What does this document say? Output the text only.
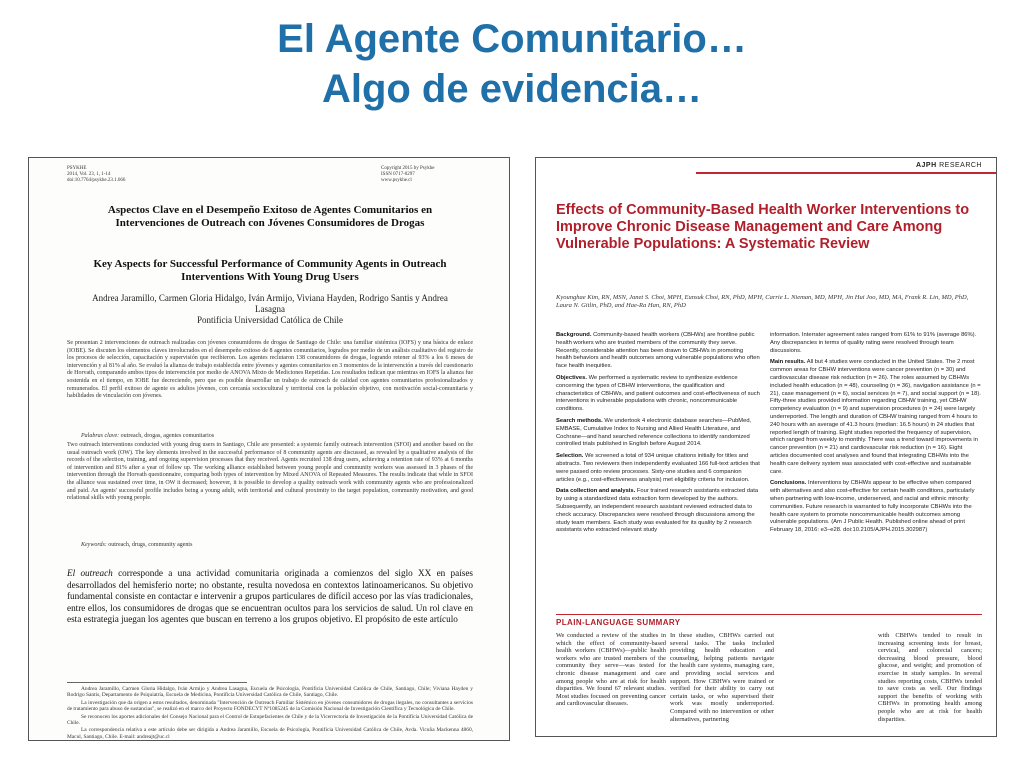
El Agente Comunitario…
Algo de evidencia…
PSYKHE
2014, Vol. 23, 1, 1-14
doi:10.7764/psykhe.23.1.666
Copyright 2015 by Psykhe
ISSN 0717-0297
www.psykhe.cl
Aspectos Clave en el Desempeño Exitoso de Agentes Comunitarios en Intervenciones de Outreach con Jóvenes Consumidores de Drogas
Key Aspects for Successful Performance of Community Agents in Outreach Interventions With Young Drug Users
Andrea Jaramillo, Carmen Gloria Hidalgo, Iván Armijo, Viviana Hayden, Rodrigo Santis y Andrea Lasagna
Pontificia Universidad Católica de Chile
Se presentan 2 intervenciones de outreach realizadas con jóvenes consumidores de drogas de Santiago de Chile: una familiar sistémica (IOFS) y una básica de enlace (IOBE). Se discuten los elementos claves involucrados en el desempeño exitoso de 8 agentes comunitarios, logrados por medio de un análisis cualitativo del registro de los procesos de selección, capacitación y supervisión que recibieron. Los agentes reclutaron 138 consumidores de drogas, logrando retener al 93% a los 6 meses de intervención y al 81% al año. Se evaluó la alianza de trabajo establecida entre jóvenes y agentes comunitarios en 3 momentos de la intervención a través del cuestionario de Horvath, comparando ambos tipos de intervención por medio de ANOVA Mixto de Mediciones Repetidas. Los resultados indican que mientras en IOFS la alianza fue sostenida en el tiempo, en IOBE fue decreciendo, pero que es posible desarrollar un trabajo de outreach de calidad con agentes comunitarios profesionalizados y remunerados. El perfil exitoso de agente es adultos jóvenes, con cercanía sociocultural y territorial con la población objetivo, con motivación social-comunitaria y habilidades de vinculación con jóvenes.
Palabras clave: outreach, drogas, agentes comunitarios
Two outreach interventions conducted with young drug users in Santiago, Chile are presented: a systemic family outreach intervention (SFOI) and another based on the usual outreach work (OW). The key elements involved in the successful performance of 8 community agents are discussed, as revealed by a qualitative analysis of the records of the selection, training, and ongoing supervision processes that they received. Agents recruited 138 drug users, achieving a retention rate of 93% at 6 months of intervention and 81% after a year of follow up. The working alliance established between young people and community workers was assessed in 3 phases of the intervention through the Horvath questionnaire, comparing both types of intervention by Mixed ANOVA of Repeated Measures. The results indicate that while in SFOI the alliance was sustained over time, in OW it decreased; however, it is possible to develop a quality outreach work with community agents who are professionalized and paid. An agents' successful profile includes being a young adult, with territorial and cultural proximity to the target population, community motivation, and good relational skills with young people.
Keywords: outreach, drugs, community agents
El outreach corresponde a una actividad comunitaria originada a comienzos del siglo XX en países desarrollados del hemisferio norte; no obstante, resulta novedosa en contextos latinoamericanos. Su objetivo fundamental consiste en contactar e intervenir a grupos particulares de difícil acceso por las vías tradicionales, entre ellos, los consumidores de drogas que se encuentran ocultos para los servicios de salud. Un rol clave en esta estrategia juegan los agentes que buscan en terreno a los grupos objetivo. El propósito de este artículo

Andrea Jaramillo, Carmen Gloria Hidalgo, Iván Armijo y Andrea Lasagna, Escuela de Psicología, Pontificia Universidad Católica de Chile, Santiago, Chile; Viviana Hayden y Rodrigo Santis, Departamento de Psiquiatría, Escuela de Medicina, Pontificia Universidad Católica de Chile, Santiago, Chile.

La investigación que da origen a estos resultados, denominada "Intervención de Outreach Familiar Sistémico en jóvenes consumidores de drogas ilegales, no consultantes a servicios de tratamiento para abuso de sustancias", se realizó en el marco del Proyecto FONDECYT Nº1085245 de la Comisión Nacional de Investigación Científica y Tecnológica de Chile.

Se reconocen los aportes adicionales del Consejo Nacional para el Control de Estupefacientes de Chile y de la Vicerrectoría de Investigación de la Pontificia Universidad Católica de Chile.

La correspondencia relativa a este artículo debe ser dirigida a Andrea Jaramillo, Escuela de Psicología, Pontificia Universidad Católica de Chile, Avda. Vicuña Mackenna 4860, Macul, Santiago, Chile. E-mail: andreajt@uc.cl

AJPH RESEARCH
Effects of Community-Based Health Worker Interventions to Improve Chronic Disease Management and Care Among Vulnerable Populations: A Systematic Review
Kyounghae Kim, RN, MSN, Janet S. Choi, MPH, Eunsuk Choi, RN, PhD, MPH, Carrie L. Nieman, MD, MPH, Jin Hui Joo, MD, MA, Frank R. Lin, MD, PhD, Laura N. Gitlin, PhD, and Hae-Ra Han, RN, PhD

Background. Community-based health workers (CBHWs) are frontline public health workers who are trusted members of the community they serve. Recently, considerable attention has been drawn to CBHWs in promoting health behaviors and health outcomes among vulnerable populations who often face health inequities.

Objectives. We performed a systematic review to synthesize evidence concerning the types of CBHW interventions, the qualification and characteristics of CBHWs, and patient outcomes and cost-effectiveness of such interventions in vulnerable populations with chronic, noncommunicable conditions.

Search methods. We undertook 4 electronic database searches—PubMed, EMBASE, Cumulative Index to Nursing and Allied Health Literature, and Cochrane—and hand searched reference collections to identify randomized controlled trials published in English before August 2014.

Selection. We screened a total of 934 unique citations initially for titles and abstracts. Two reviewers then independently evaluated 166 full-text articles that were passed onto review processes. Sixty-one studies and 6 companion articles (e.g., cost-effectiveness analysis) met eligibility criteria for inclusion.

Data collection and analysis. Four trained research assistants extracted data by using a standardized data extraction form developed by the authors. Subsequently, an independent research assistant reviewed extracted data to check accuracy. Discrepancies were resolved through discussions among the study team members. Each study was evaluated for its quality by 2 research assistants who extracted relevant study

information. Interrater agreement rates ranged from 61% to 91% (average 86%). Any discrepancies in terms of quality rating were resolved through team discussions.

Main results. All but 4 studies were conducted in the United States. The 2 most common areas for CBHW interventions were cancer prevention (n = 30) and cardiovascular disease risk reduction (n = 26). The roles assumed by CBHWs included health education (n = 48), counseling (n = 36), navigation assistance (n = 21), case management (n = 6), social services (n = 7), and social support (n = 18). Fifty-three studies provided information regarding CBHW training, yet CBHW competency evaluation (n = 9) and supervision procedures (n = 24) were largely underreported. The length and duration of CBHW training ranged from 4 hours to 240 hours with an average of 41.3 hours (median: 16.5 hours) in 24 studies that reported length of training. Eight studies reported the frequency of supervision, which ranged from weekly to monthly. There was a trend toward improvements in cancer prevention (n = 21) and cardiovascular risk reduction (n = 16). Eight articles documented cost analyses and found that integrating CBHWs into the health care delivery system was associated with cost-effective and sustainable care.

Conclusions. Interventions by CBHWs appear to be effective when compared with alternatives and also cost-effective for certain health conditions, particularly when partnering with low-income, underserved, and racial and ethnic minority communities. Future research is warranted to fully incorporate CBHWs into the health care system to promote noncommunicable health outcomes among vulnerable populations. (Am J Public Health. Published online ahead of print February 18, 2016: e3–e28. doi:10.2105/AJPH.2015.302987)

PLAIN-LANGUAGE SUMMARY
We conducted a review of the studies in which the effect of community-based health workers (CBHWs)—public health workers who are trusted members of the community they serve—was tested for chronic disease management and care among people who are at risk for health disparities. We found 67 relevant studies. Most studies focused on preventing cancer and cardiovascular diseases.
In these studies, CBHWs carried out several tasks. The tasks included providing health education and counseling, helping patients navigate the health care systems, managing care, and providing social services and support. How CBHWs were trained or verified for their ability to carry out certain tasks, or who supervised their work was mostly underreported. Compared with no intervention or other alternatives, partnering
with CBHWs tended to result in increasing screening tests for breast, cervical, and colorectal cancers; decreasing blood pressure, blood glucose, and weight; and promotion of exercise in study samples. In several studies reporting costs, CBHWs tended to save costs as well. Our findings support the benefits of working with CBHWs in promoting health among people who are at risk for health disparities.
